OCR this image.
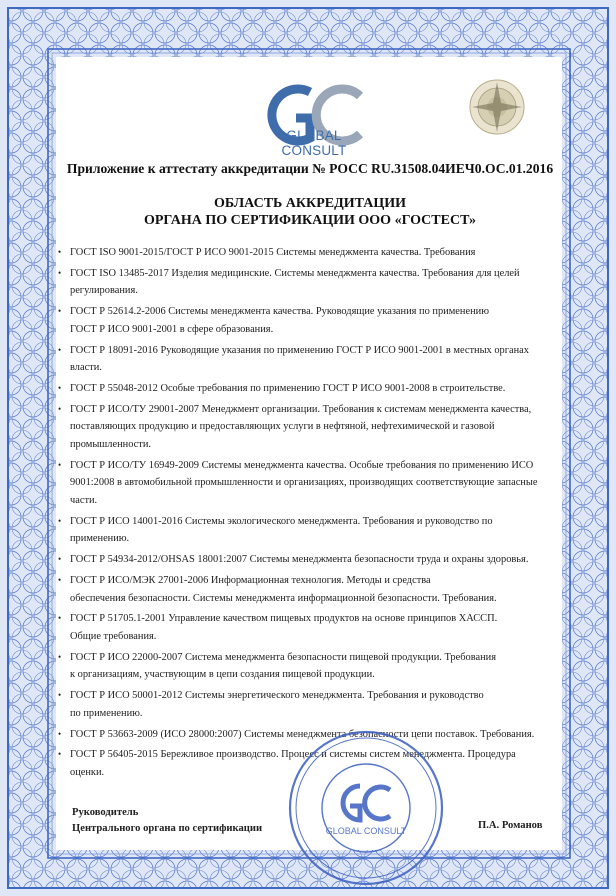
GLOBAL CONSULT
Приложение к аттестату аккредитации № РОСС RU.31508.04ИЕЧ0.ОС.01.2016
ОБЛАСТЬ АККРЕДИТАЦИИ
ОРГАНА ПО СЕРТИФИКАЦИИ ООО «ГОСТЕСТ»
• ГОСТ ISO 9001-2015/ГОСТ Р ИСО 9001-2015 Системы менеджмента качества. Требования
• ГОСТ ISO 13485-2017 Изделия медицинские. Системы менеджмента качества. Требования для целей
регулирования.
• ГОСТ Р 52614.2-2006 Системы менеджмента качества. Руководящие указания по применению
ГОСТ Р ИСО 9001-2001 в сфере образования.
• ГОСТ Р 18091-2016 Руководящие указания по применению ГОСТ Р ИСО 9001-2001 в местных органах
власти.
• ГОСТ Р 55048-2012 Особые требования по применению ГОСТ Р ИСО 9001-2008 в строительстве.
• ГОСТ Р ИСО/ТУ 29001-2007 Менеджмент организации. Требования к системам менеджмента качества,
поставляющих продукцию и предоставляющих услуги в нефтяной, нефтехимической и газовой
промышленности.
• ГОСТ Р ИСО/ТУ 16949-2009 Системы менеджмента качества. Особые требования по применению ИСО
9001:2008 в автомобильной промышленности и организациях, производящих соответствующие запасные
части.
• ГОСТ Р ИСО 14001-2016 Системы экологического менеджмента. Требования и руководство по
применению.
• ГОСТ Р 54934-2012/OHSAS 18001:2007 Системы менеджмента безопасности труда и охраны здоровья.
• ГОСТ Р ИСО/МЭК 27001-2006 Информационная технология. Методы и средства
обеспечения безопасности. Системы менеджмента информационной безопасности. Требования.
• ГОСТ Р 51705.1-2001 Управление качеством пищевых продуктов на основе принципов ХАССП.
Общие требования.
• ГОСТ Р ИСО 22000-2007 Система менеджмента безопасности пищевой продукции. Требования
к организациям, участвующим в цепи создания пищевой продукции.
• ГОСТ Р ИСО 50001-2012 Системы энергетического менеджмента. Требования и руководство
по применению.
• ГОСТ Р 53663-2009 (ИСО 28000:2007) Системы менеджмента безопасности цепи поставок. Требования.
• ГОСТ Р 56405-2015 Бережливое производство. Процесс и системы систем менеджмента. Процедура
оценки.
Руководитель
Центрального органа по сертификации	П.А. Романов
GLOBAL CONSULT
